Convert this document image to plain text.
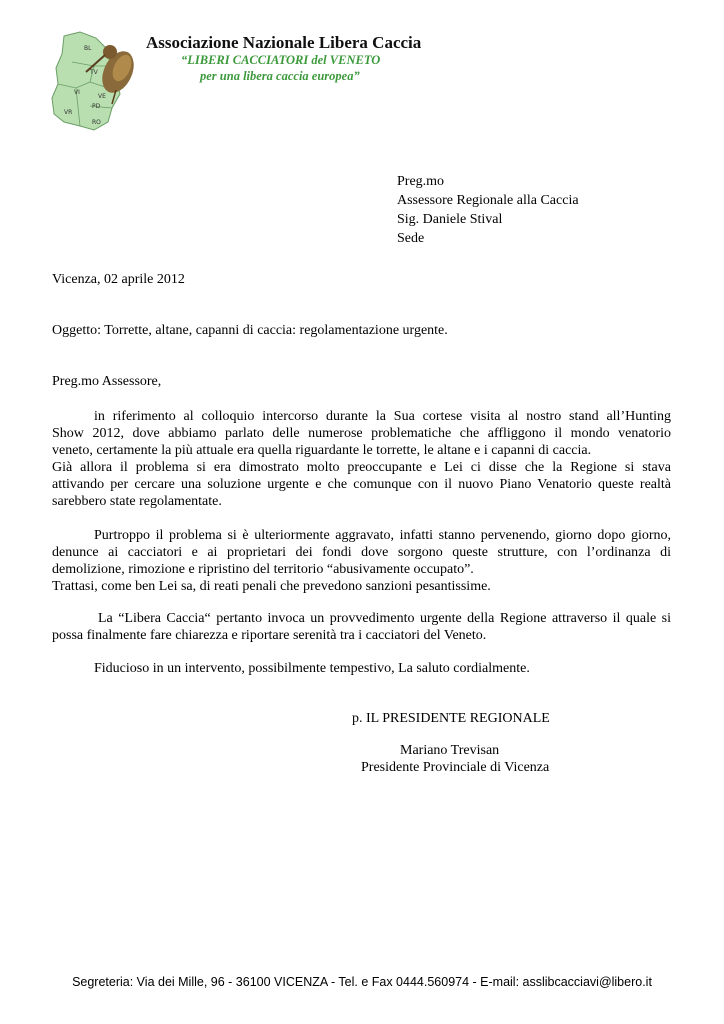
BL
TV
VI
VE
PD
VR
RO
Associazione Nazionale Libera Caccia
“LIBERI CACCIATORI del VENETO
per una libera caccia europea”
Preg.mo
Assessore Regionale alla Caccia
Sig. Daniele Stival
Sede
Vicenza, 02 aprile 2012
Oggetto: Torrette, altane, capanni di caccia: regolamentazione urgente.
Preg.mo Assessore,
in riferimento al colloquio intercorso durante la Sua cortese visita al nostro stand all’Hunting
Show 2012, dove abbiamo parlato delle numerose problematiche che affliggono il mondo venatorio
veneto, certamente la più attuale era quella riguardante le torrette, le altane e i capanni di caccia.
Già allora il problema si era dimostrato molto preoccupante e Lei ci disse che la Regione si stava
attivando per cercare una soluzione urgente e che comunque con il nuovo Piano Venatorio queste realtà
sarebbero state regolamentate.
Purtroppo il problema si è ulteriormente aggravato, infatti stanno pervenendo, giorno dopo giorno,
denunce ai cacciatori e ai proprietari dei fondi dove sorgono queste strutture, con l’ordinanza di
demolizione, rimozione e ripristino del territorio “abusivamente occupato”.
Trattasi, come ben Lei sa, di reati penali che prevedono sanzioni pesantissime.
La “Libera Caccia“ pertanto invoca un provvedimento urgente della Regione attraverso il quale si
possa finalmente fare chiarezza e riportare serenità tra i cacciatori del Veneto.
Fiducioso in un intervento, possibilmente tempestivo, La saluto cordialmente.
p. IL PRESIDENTE REGIONALE
Mariano Trevisan
Presidente Provinciale di Vicenza
Segreteria: Via dei Mille, 96 - 36100 VICENZA - Tel. e Fax 0444.560974 - E-mail: asslibcacciavi@libero.it
